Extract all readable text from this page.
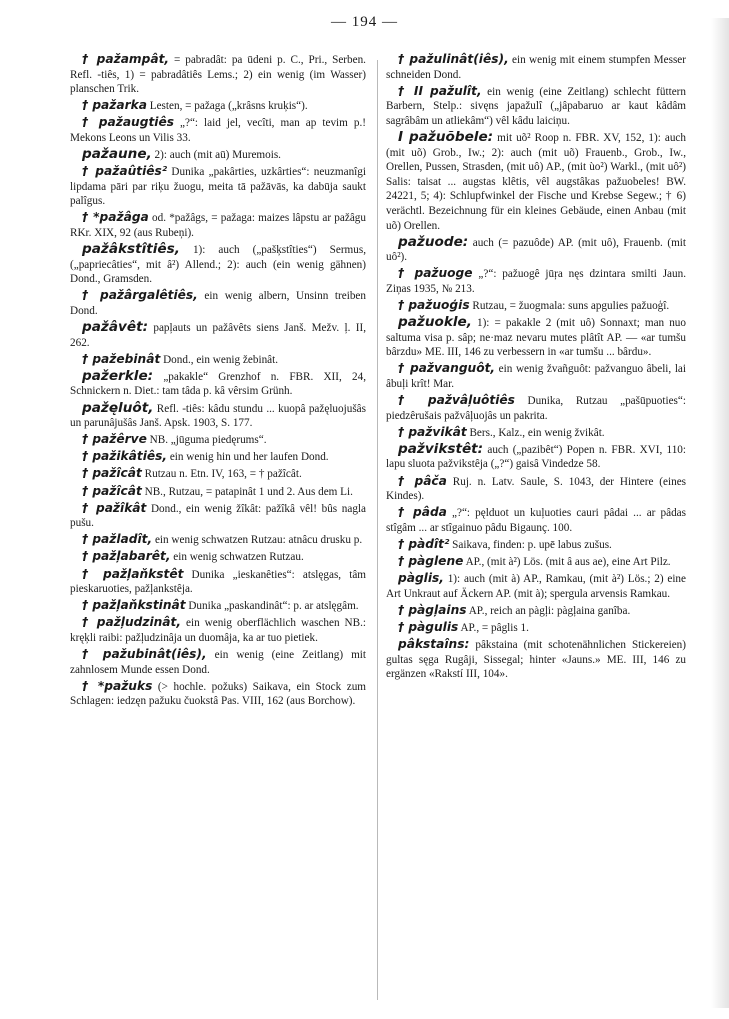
— 194 —

† pažampât, = pabradât: pa ūdeni p. C., Pri., Serben. Refl. -tiês, 1) = pabradâtiês Lems.; 2) ein wenig (im Wasser) planschen Trik.

† pažarka Lesten, = pažaga („krâsns kruķis“).

† pažaugtiês „?“: laid jel, vecîti, man ap tevim p.! Mekons Leons un Vilis 33.

pažaune, 2): auch (mit aū) Muremois.

† pažaûtiês² Dunika „pakârties, uzkârties“: neuzmanîgi lipdama pāri par riķu žuogu, meita tā pažāvās, ka dabūja saukt palîgus.

† *pažâga od. *pažâgs, = pažaga: maizes lâpstu ar pažâgu RKr. XIX, 92 (aus Rubeņi).

pažâkstîtiês, 1): auch („pašķstîties“) Sermus, („papriecâties“, mit â²) Allend.; 2): auch (ein wenig gähnen) Dond., Gramsden.

† pažârgalêtiês, ein wenig albern, Unsinn treiben Dond.

pažâvêt: papļauts un pažâvêts siens Janš. Mežv. ļ. II, 262.

† pažebinât Dond., ein wenig žebinât.

pažerkle: „pakakle“ Grenzhof n. FBR. XII, 24, Schnickern n. Diet.: tam tâda p. kâ vêrsim Grünh.

pažęluôt, Refl. -tiês: kâdu stundu ... kuopâ pažęluojušâs un parunâjušâs Janš. Apsk. 1903, S. 177.

† pažêrve NB. „jūguma piedęrums“.

† pažikâtiês, ein wenig hin und her laufen Dond.

† pažîcât Rutzau n. Etn. IV, 163, = † pažîcât.

† pažîcât NB., Rutzau, = patapinât 1 und 2. Aus dem Li.

† pažîkât Dond., ein wenig žîkât: pažîkâ vêl! bûs nagla pušu.

† pažladît, ein wenig schwatzen Rutzau: atnâcu drusku p.

† pažļabarêt, ein wenig schwatzen Rutzau.

† pažļaňkstêt Dunika „ieskanêties“: atslęgas, tâm pieskaruoties, pažļankstêja.

† pažļaňkstinât Dunika „paskandinât“: p. ar atslęgâm.

† pažļudzinât, ein wenig oberflächlich waschen NB.: kręķli raibi: pažļudzinâja un duomâja, ka ar tuo pietiek.

† pažubinât(iês), ein wenig (eine Zeitlang) mit zahnlosem Munde essen Dond.

† *pažuks (> hochle. požuks) Saikava, ein Stock zum Schlagen: iedzęn pažuku čuokstâ Pas. VIII, 162 (aus Borchow).

† pažulinât(iês), ein wenig mit einem stumpfen Messer schneiden Dond.

† II pažulît, ein wenig (eine Zeitlang) schlecht füttern Barbern, Stelp.: sivęns japažulî („jâpabaruo ar kaut kâdâm sagrâbâm un atliekâm“) vêl kâdu laiciņu.

I pažuõbele: mit uõ² Roop n. FBR. XV, 152, 1): auch (mit uõ) Grob., Iw.; 2): auch (mit uõ) Frauenb., Grob., Iw., Orellen, Pussen, Strasden, (mit uô) AP., (mit ùo²) Warkl., (mit uô²) Salis: taisat ... augstas klêtis, vêl augstâkas pažuobeles! BW. 24221, 5; 4): Schlupfwinkel der Fische und Krebse Segew.; † 6) verächtl. Bezeichnung für ein kleines Gebäude, einen Anbau (mit uõ) Orellen.

pažuode: auch (= pazuôde) AP. (mit uô), Frauenb. (mit uô²).

† pažuoge „?“: pažuogê jūŗa nęs dzintara smilti Jaun. Ziņas 1935, № 213.

† pažuoģis Rutzau, = žuogmala: suns apgulies pažuoģî.

pažuokle, 1): = pakakle 2 (mit uô) Sonnaxt; man nuo saltuma visa p. sâp; ne·maz nevaru mutes plâtît AP. — «ar tumšu bârzdu» ME. III, 146 zu verbessern in «ar tumšu ... bârdu».

† pažvanguôt, ein wenig žvañguôt: pažvanguo âbeli, lai âbuļi krît! Mar.

† pažvâļuôtiês Dunika, Rutzau „pašūpuoties“: piedzêrušais pažvâļuojâs un pakrita.

† pažvikât Bers., Kalz., ein wenig žvikât.

pažvikstêt: auch („pazibêt“) Popen n. FBR. XVI, 110: lapu sluota pažvikstêja („?“) gaisâ Vindedze 58.

† pâča Ruj. n. Latv. Saule, S. 1043, der Hintere (eines Kindes).

† pâda „?“: pęlduot un kuļuoties cauri pâdai ... ar pâdas stîgâm ... ar stîgainuo pâdu Bigaunç. 100.

† pàdît² Saikava, finden: p. upē labus zušus.

† pàglene AP., (mit à²) Lös. (mit â aus ae), eine Art Pilz.

pàglis, 1): auch (mit à) AP., Ramkau, (mit à²) Lös.; 2) eine Art Unkraut auf Äckern AP. (mit à); spergula arvensis Ramkau.

† pàgļains AP., reich an pàgļi: pàgļaina ganîba.

† pàgulis AP., = pâglis 1.

pâkstaîns: pâkstaina (mit schotenähnlichen Stickereien) gultas sęga Rugâji, Sissegal; hinter «Jauns.» ME. III, 146 zu ergänzen «Rakstí III, 104».
